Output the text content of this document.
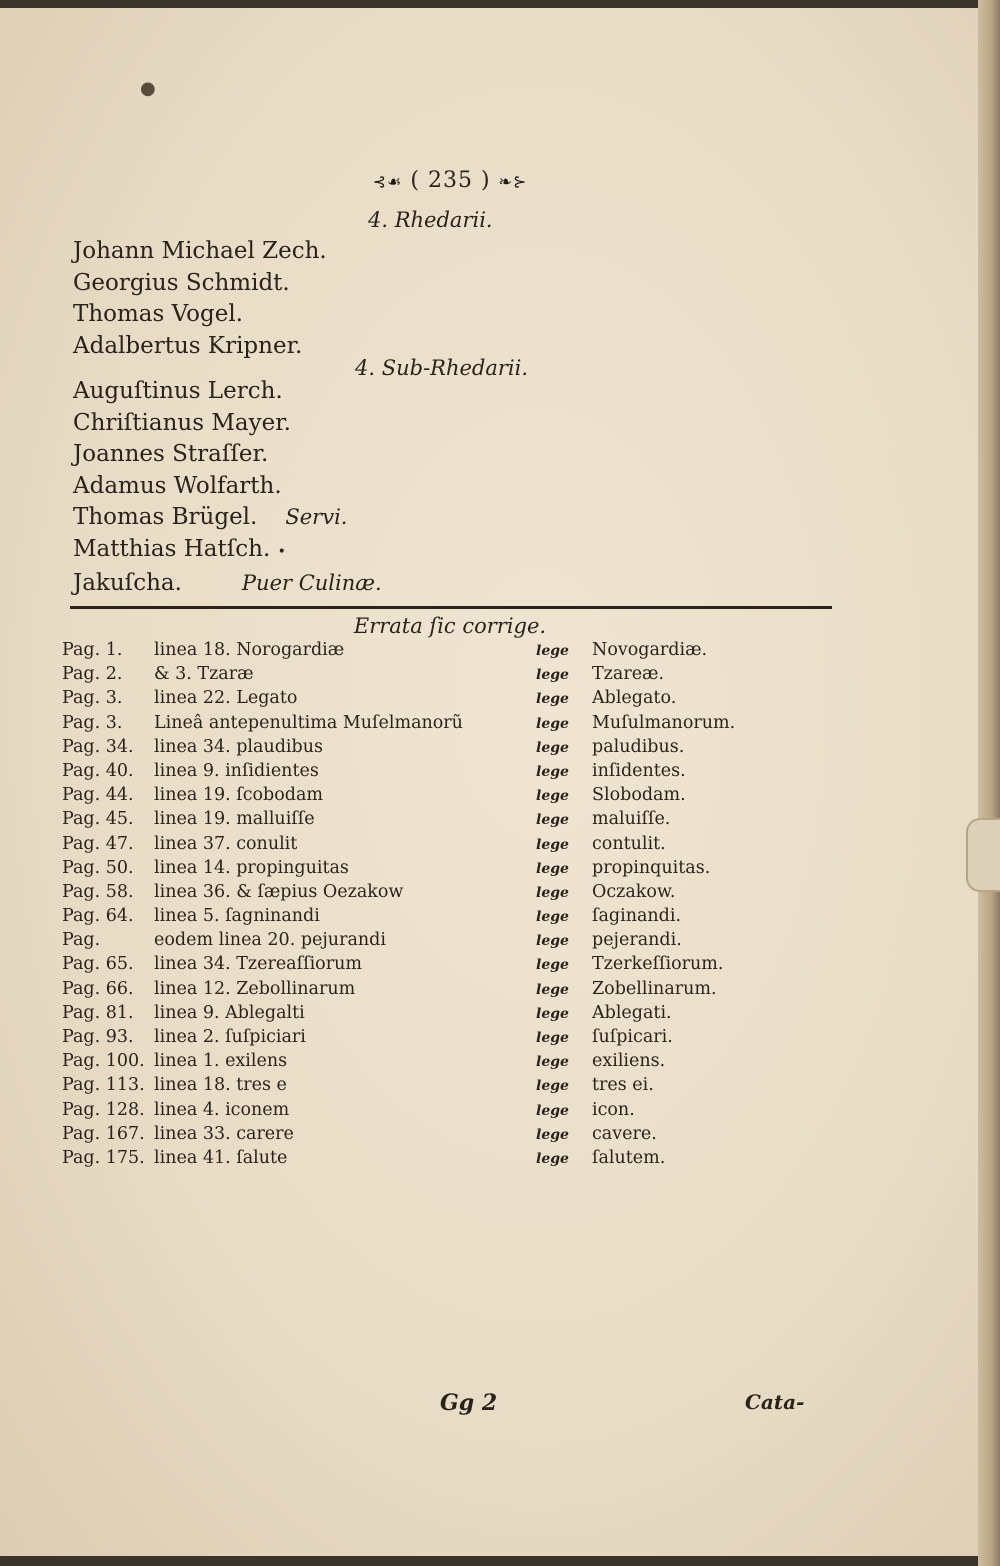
●
⊰☙ ( 235 ) ❧⊱
4. Rhedarii.
Johann Michael Zech.
Georgius Schmidt.
Thomas Vogel.
Adalbertus Kripner.
4. Sub-Rhedarii.
Auguſtinus Lerch.
Chriſtianus Mayer.
Joannes Straſſer.
Adamus Wolfarth.
Thomas Brügel. Servi.
Matthias Hatſch. •
Jakuſcha.	Puer Culinæ.
Errata ſic corrige.
Pag. 1. linea 18. Norogardiæ	lege Novogardiæ.
Pag. 2. & 3. Tzaræ	lege Tzareæ.
Pag. 3. linea 22. Legato	lege Ablegato.
Pag. 3. Lineâ antepenultima Muſelmanorũ	lege Muſulmanorum.
Pag. 34. linea 34. plaudibus	lege paludibus.
Pag. 40. linea 9. inſidientes	lege inſidentes.
Pag. 44. linea 19. ſcobodam	lege Slobodam.
Pag. 45. linea 19. malluiſſe	lege maluiſſe.
Pag. 47. linea 37. conulit	lege contulit.
Pag. 50. linea 14. propinguitas	lege propinquitas.
Pag. 58. linea 36. & ſæpius Oezakow	lege Oczakow.
Pag. 64. linea 5. ſagninandi	lege ſaginandi.
Pag.	eodem linea 20. pejurandi	lege pejerandi.
Pag. 65. linea 34. Tzereaſſiorum	lege Tzerkeſſiorum.
Pag. 66. linea 12. Zebollinarum	lege Zobellinarum.
Pag. 81. linea 9. Ablegalti	lege Ablegati.
Pag. 93. linea 2. ſuſpiciari	lege ſuſpicari.
Pag. 100. linea 1. exilens	lege exiliens.
Pag. 113. linea 18. tres e	lege tres ei.
Pag. 128. linea 4. iconem	lege icon.
Pag. 167. linea 33. carere	lege cavere.
Pag. 175. linea 41. ſalute	lege ſalutem.
Gg 2	Cata-
